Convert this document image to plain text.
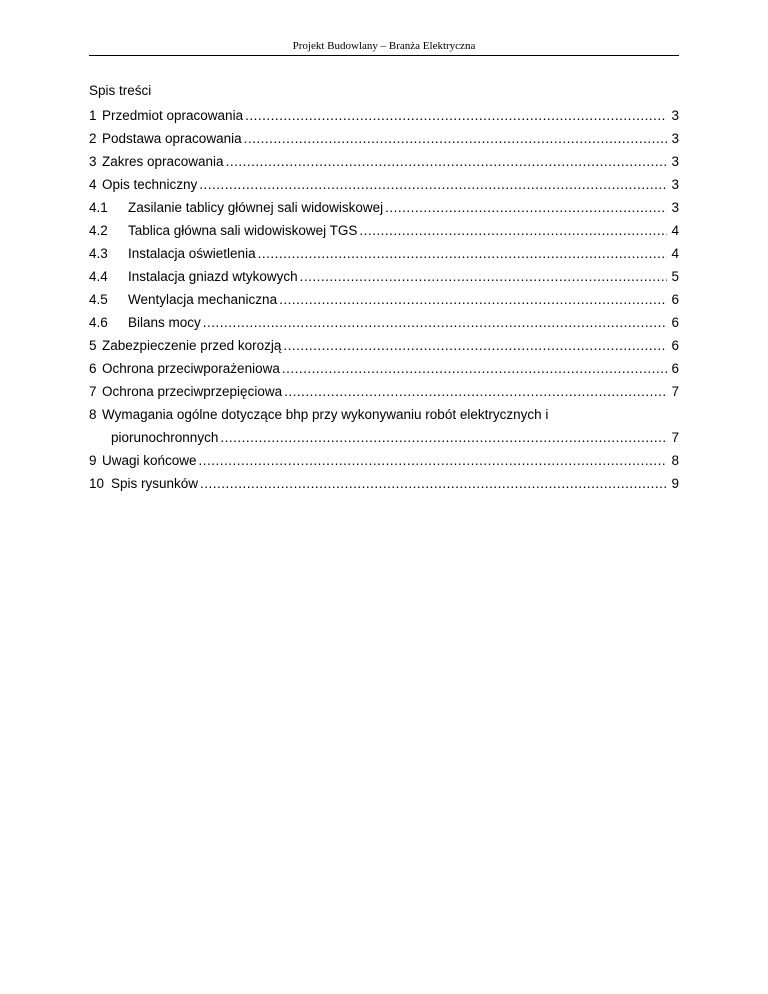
Projekt Budowlany – Branża Elektryczna
Spis treści
1 Przedmiot opracowania .....	3
2 Podstawa opracowania .....	3
3 Zakres opracowania .....	3
4 Opis techniczny .....	3
4.1	Zasilanie tablicy głównej sali widowiskowej .....	3
4.2	Tablica główna sali widowiskowej TGS .....	4
4.3	Instalacja oświetlenia .....	4
4.4	Instalacja gniazd wtykowych .....	5
4.5	Wentylacja mechaniczna .....	6
4.6	Bilans mocy .....	6
5 Zabezpieczenie przed korozją .....	6
6 Ochrona przeciwporażeniowa .....	6
7 Ochrona przeciwprzepięciowa .....	7
8 Wymagania ogólne dotyczące bhp przy wykonywaniu robót elektrycznych i
piorunochronnych .....	7
9 Uwagi końcowe .....	8
10 Spis rysunków .....	9
